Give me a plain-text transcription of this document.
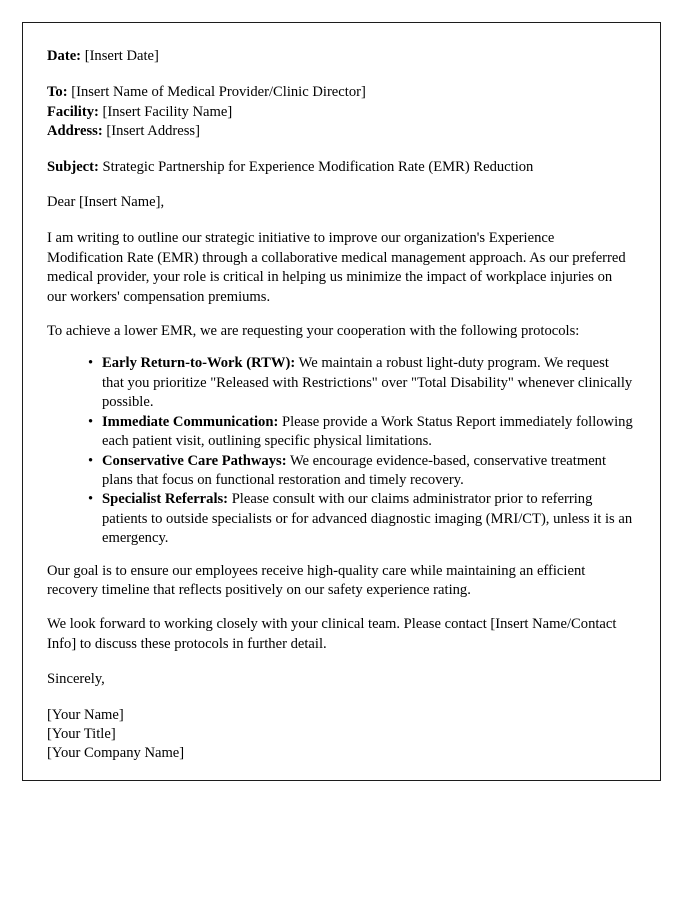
Date: [Insert Date]
To: [Insert Name of Medical Provider/Clinic Director]
Facility: [Insert Facility Name]
Address: [Insert Address]
Subject: Strategic Partnership for Experience Modification Rate (EMR) Reduction
Dear [Insert Name],

I am writing to outline our strategic initiative to improve our organization's Experience Modification Rate (EMR) through a collaborative medical management approach. As our preferred medical provider, your role is critical in helping us minimize the impact of workplace injuries on our workers' compensation premiums.

To achieve a lower EMR, we are requesting your cooperation with the following protocols:

• Early Return-to-Work (RTW): We maintain a robust light-duty program. We request that you prioritize "Released with Restrictions" over "Total Disability" whenever clinically possible.
• Immediate Communication: Please provide a Work Status Report immediately following each patient visit, outlining specific physical limitations.
• Conservative Care Pathways: We encourage evidence-based, conservative treatment plans that focus on functional restoration and timely recovery.
• Specialist Referrals: Please consult with our claims administrator prior to referring patients to outside specialists or for advanced diagnostic imaging (MRI/CT), unless it is an emergency.

Our goal is to ensure our employees receive high-quality care while maintaining an efficient recovery timeline that reflects positively on our safety experience rating.

We look forward to working closely with your clinical team. Please contact [Insert Name/Contact Info] to discuss these protocols in further detail.

Sincerely,
[Your Name]
[Your Title]
[Your Company Name]
